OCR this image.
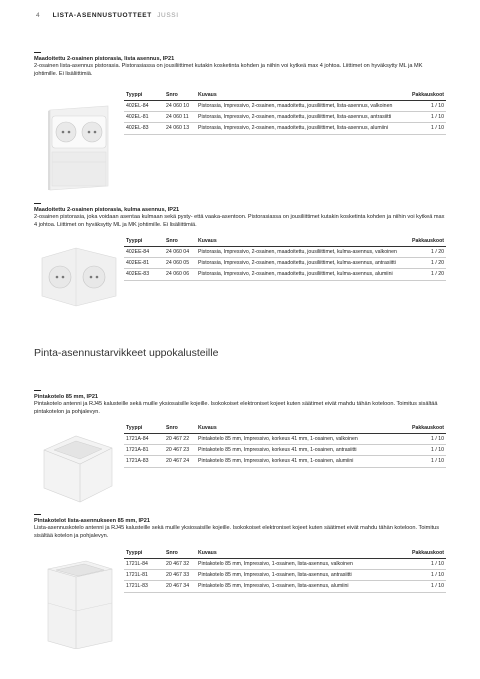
4 LISTA-ASENNUSTUOTTEET JUSSI
Maadoitettu 2-osainen pistorasia, lista asennus, IP21
2-osainen lista-asennus pistorasia. Pistorasiassa on jousiliittimet kutakin kosketinta kohden ja niihin voi kytkeä max 4 johtoa. Liittimet on hyväksytty ML ja MK johtimille. Ei lisäliittimiä.
Tyyppi	Snro	Kuvaus	Pakkauskoot
402EL-84	24 060 10	Pistorasia, Impressivo, 2-osainen, maadoitettu, jousiliittimet, lista-asennus, valkoinen	1 / 10
402EL-81	24 060 11	Pistorasia, Impressivo, 2-osainen, maadoitettu, jousiliittimet, lista-asennus, antrasiitti	1 / 10
402EL-83	24 060 13	Pistorasia, Impressivo, 2-osainen, maadoitettu, jousiliittimet, lista-asennus, alumiini	1 / 10
Maadoitettu 2-osainen pistorasia, kulma asennus, IP21
2-osainen pistorasia, joka voidaan asentaa kulmaan sekä pysty- että vaaka-asentoon. Pistorasiassa on jousiliittimet kutakin kosketinta kohden ja niihin voi kytkeä max 4 johtoa. Liittimet on hyväksytty ML ja MK johtimille. Ei lisäliittimiä.
Tyyppi	Snro	Kuvaus	Pakkauskoot
402EE-84	24 060 04	Pistorasia, Impressivo, 2-osainen, maadoitettu, jousiliittimet, kulma-asennus, valkoinen	1 / 20
402EE-81	24 060 05	Pistorasia, Impressivo, 2-osainen, maadoitettu, jousiliittimet, kulma-asennus, antrasiitti	1 / 20
402EE-83	24 060 06	Pistorasia, Impressivo, 2-osainen, maadoitettu, jousiliittimet, kulma-asennus, alumiini	1 / 20
Pinta-asennustarvikkeet uppokalusteille
Pintakotelo 85 mm, IP21
Pintakotelo antenni ja RJ45 kalusteille sekä muille yksiosaisille kojeille. Isokokoiset elektroniset kojeet kuten säätimet eivät mahdu tähän koteloon. Toimitus sisältää pintakotelon ja pohjalevyn.
Tyyppi	Snro	Kuvaus	Pakkauskoot
1721A-84	20 467 22	Pintakotelo 85 mm, Impressivo, korkeus 41 mm, 1-osainen, valkoinen	1 / 10
1721A-81	20 467 23	Pintakotelo 85 mm, Impressivo, korkeus 41 mm, 1-osainen, antrasiitti	1 / 10
1721A-83	20 467 24	Pintakotelo 85 mm, Impressivo, korkeus 41 mm, 1-osainen, alumiini	1 / 10
Pintakotelot lista-asennukseen 85 mm, IP21
Lista-asennuskotelo antenni ja RJ45 kalusteille sekä muille yksiosaisille kojeille. Isokokoiset elektroniset kojeet kuten säätimet eivät mahdu tähän koteloon. Toimitus sisältää kotelon ja pohjalevyn.
Tyyppi	Snro	Kuvaus	Pakkauskoot
1721L-84	20 467 32	Pintakotelo 85 mm, Impressivo, 1-osainen, lista-asennus, valkoinen	1 / 10
1721L-81	20 467 33	Pintakotelo 85 mm, Impressivo, 1-osainen, lista-asennus, antrasiitti	1 / 10
1721L-83	20 467 34	Pintakotelo 85 mm, Impressivo, 1-osainen, lista-asennus, alumiini	1 / 10
